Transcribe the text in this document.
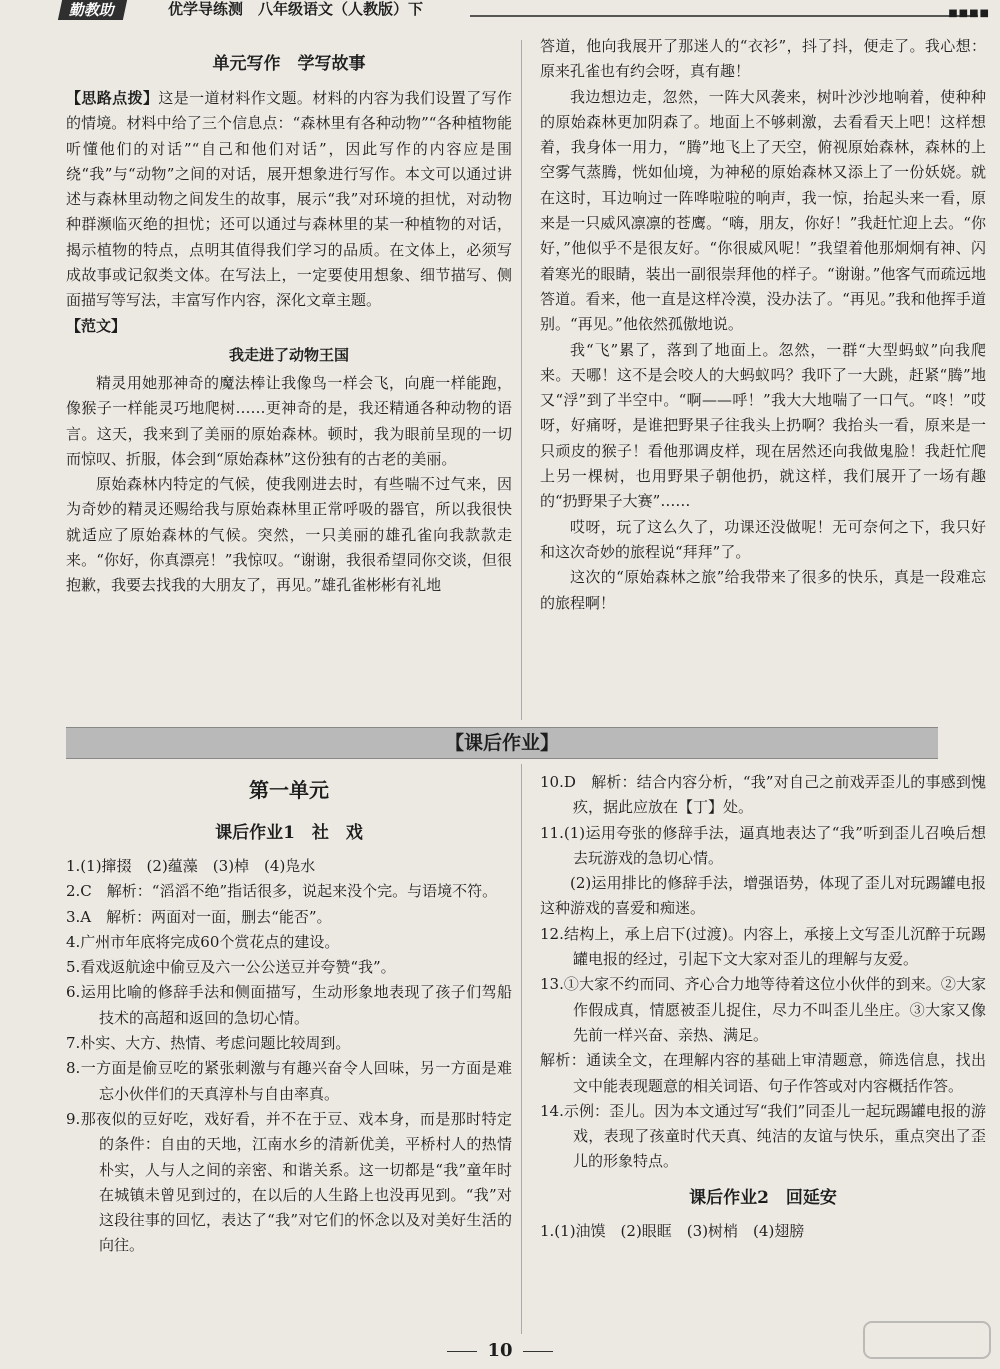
勤教助	优学导练测　八年级语文（人教版）下	■■■■
单元写作　学写故事

【思路点拨】这是一道材料作文题。材料的内容为我们设置了写作的情境。材料中给了三个信息点：“森林里有各种动物”“各种植物能听懂他们的对话”“自己和他们对话”，因此写作的内容应是围绕“我”与“动物”之间的对话，展开想象进行写作。本文可以通过讲述与森林里动物之间发生的故事，展示“我”对环境的担忧，对动物种群濒临灭绝的担忧；还可以通过与森林里的某一种植物的对话，揭示植物的特点，点明其值得我们学习的品质。在文体上，必须写成故事或记叙类文体。在写法上，一定要使用想象、细节描写、侧面描写等写法，丰富写作内容，深化文章主题。

【范文】

我走进了动物王国

精灵用她那神奇的魔法棒让我像鸟一样会飞，向鹿一样能跑，像猴子一样能灵巧地爬树……更神奇的是，我还精通各种动物的语言。这天，我来到了美丽的原始森林。顿时，我为眼前呈现的一切而惊叹、折服，体会到“原始森林”这份独有的古老的美丽。

原始森林内特定的气候，使我刚进去时，有些喘不过气来，因为奇妙的精灵还赐给我与原始森林里正常呼吸的器官，所以我很快就适应了原始森林的气候。突然，一只美丽的雄孔雀向我款款走来。“你好，你真漂亮！”我惊叹。“谢谢，我很希望同你交谈，但很抱歉，我要去找我的大朋友了，再见。”雄孔雀彬彬有礼地

答道，他向我展开了那迷人的“衣衫”，抖了抖，便走了。我心想：原来孔雀也有约会呀，真有趣！

我边想边走，忽然，一阵大风袭来，树叶沙沙地响着，使种种的原始森林更加阴森了。地面上不够刺激，去看看天上吧！这样想着，我身体一用力，“腾”地飞上了天空，俯视原始森林，森林的上空雾气蒸腾，恍如仙境，为神秘的原始森林又添上了一份妖娆。就在这时，耳边响过一阵哗啦啦的响声，我一惊，抬起头来一看，原来是一只威风凛凛的苍鹰。“嗨，朋友，你好！”我赶忙迎上去。“你好，”他似乎不是很友好。“你很威风呢！”我望着他那炯炯有神、闪着寒光的眼睛，装出一副很崇拜他的样子。“谢谢。”他客气而疏远地答道。看来，他一直是这样冷漠，没办法了。“再见。”我和他挥手道别。“再见。”他依然孤傲地说。

我“飞”累了，落到了地面上。忽然，一群“大型蚂蚁”向我爬来。天哪！这不是会咬人的大蚂蚁吗？我吓了一大跳，赶紧“腾”地又“浮”到了半空中。“啊——呼！”我大大地喘了一口气。“咚！”哎呀，好痛呀，是谁把野果子往我头上扔啊？我抬头一看，原来是一只顽皮的猴子！看他那调皮样，现在居然还向我做鬼脸！我赶忙爬上另一棵树，也用野果子朝他扔，就这样，我们展开了一场有趣的“扔野果子大赛”……

哎呀，玩了这么久了，功课还没做呢！无可奈何之下，我只好和这次奇妙的旅程说“拜拜”了。

这次的“原始森林之旅”给我带来了很多的快乐，真是一段难忘的旅程啊！

【课后作业】
第一单元
课后作业1　社　戏

1.(1)撺掇　(2)蕴藻　(3)棹　(4)凫水

2.C　解析：“滔滔不绝”指话很多，说起来没个完。与语境不符。

3.A　解析：两面对一面，删去“能否”。

4.广州市年底将完成60个赏花点的建设。

5.看戏返航途中偷豆及六一公公送豆并夸赞“我”。

6.运用比喻的修辞手法和侧面描写，生动形象地表现了孩子们驾船技术的高超和返回的急切心情。

7.朴实、大方、热情、考虑问题比较周到。

8.一方面是偷豆吃的紧张刺激与有趣兴奋令人回味，另一方面是难忘小伙伴们的天真淳朴与自由率真。

9.那夜似的豆好吃，戏好看，并不在于豆、戏本身，而是那时特定的条件：自由的天地，江南水乡的清新优美，平桥村人的热情朴实，人与人之间的亲密、和谐关系。这一切都是“我”童年时在城镇未曾见到过的，在以后的人生路上也没再见到。“我”对这段往事的回忆，表达了“我”对它们的怀念以及对美好生活的向往。

10.D　解析：结合内容分析，“我”对自己之前戏弄歪儿的事感到愧疚，据此应放在【丁】处。

11.(1)运用夸张的修辞手法，逼真地表达了“我”听到歪儿召唤后想去玩游戏的急切心情。

(2)运用排比的修辞手法，增强语势，体现了歪儿对玩踢罐电报这种游戏的喜爱和痴迷。

12.结构上，承上启下(过渡)。内容上，承接上文写歪儿沉醉于玩踢罐电报的经过，引起下文大家对歪儿的理解与友爱。

13.①大家不约而同、齐心合力地等待着这位小伙伴的到来。②大家作假成真，情愿被歪儿捉住，尽力不叫歪儿坐庄。③大家又像先前一样兴奋、亲热、满足。

解析：通读全文，在理解内容的基础上审清题意，筛选信息，找出文中能表现题意的相关词语、句子作答或对内容概括作答。

14.示例：歪儿。因为本文通过写“我们”同歪儿一起玩踢罐电报的游戏，表现了孩童时代天真、纯洁的友谊与快乐，重点突出了歪儿的形象特点。

课后作业2　回延安

1.(1)油馍　(2)眼眶　(3)树梢　(4)翅膀

10
